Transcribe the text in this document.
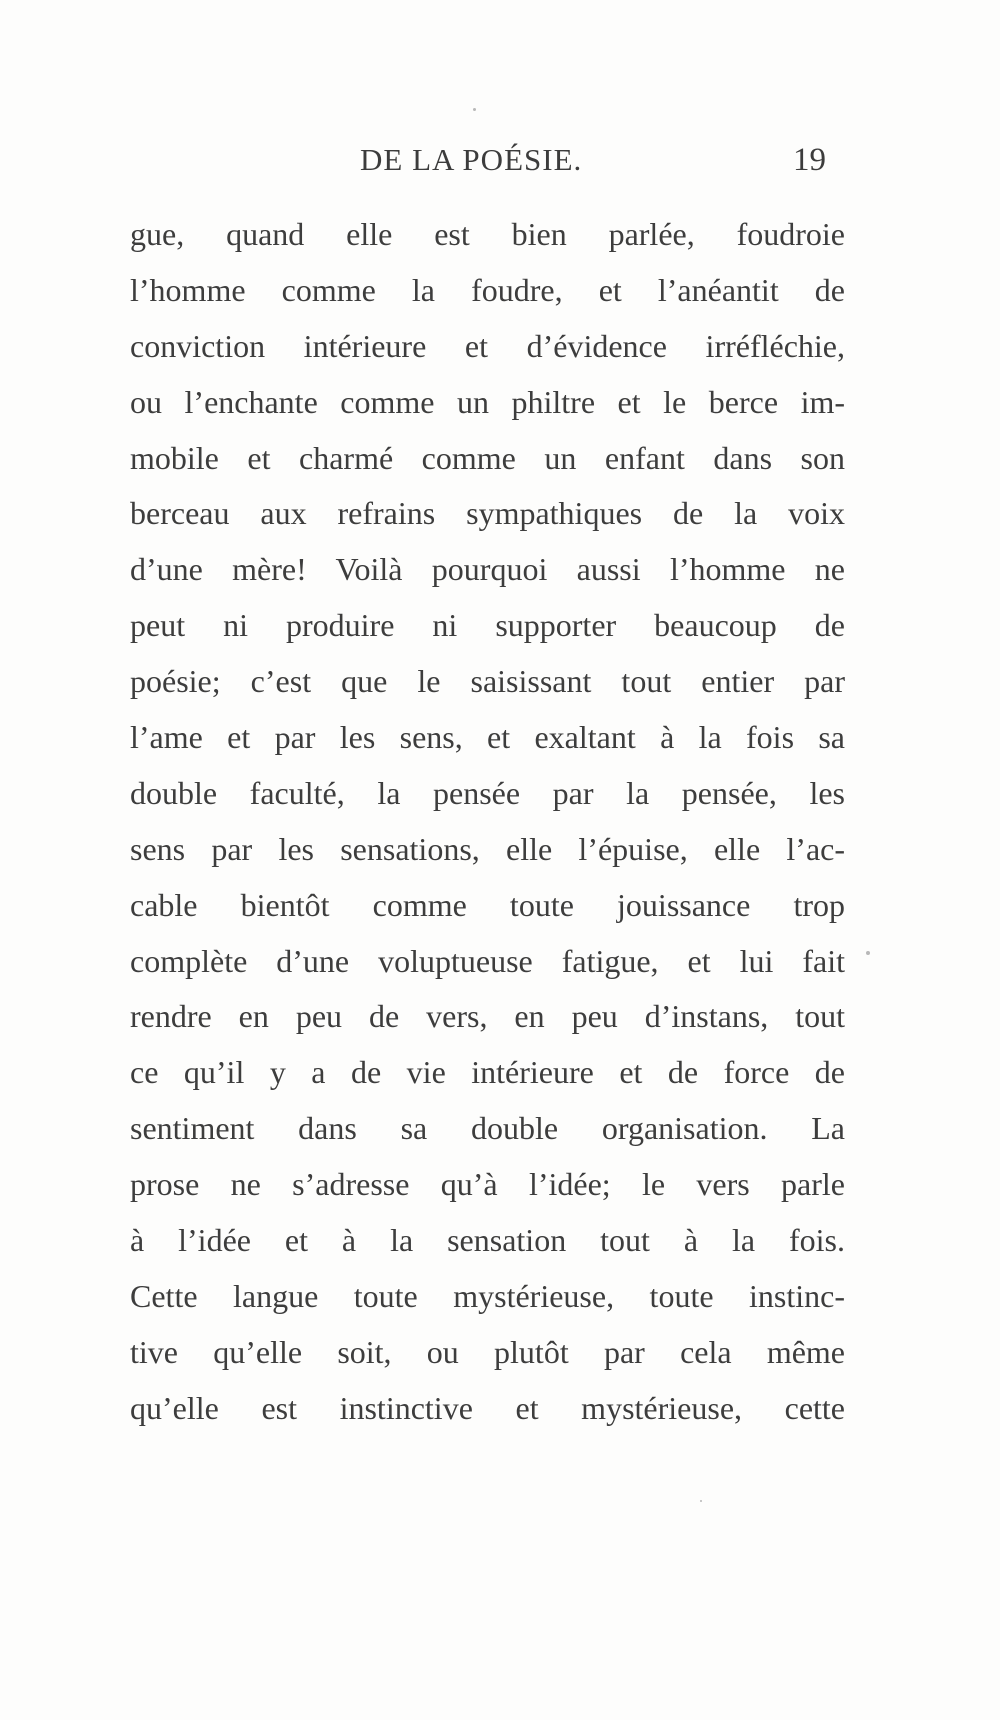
DE LA POÉSIE.	19
gue, quand elle est bien parlée, foudroie
l’homme comme la foudre, et l’anéantit de
conviction intérieure et d’évidence irréfléchie,
ou l’enchante comme un philtre et le berce im-
mobile et charmé comme un enfant dans son
berceau aux refrains sympathiques de la voix
d’une mère! Voilà pourquoi aussi l’homme ne
peut ni produire ni supporter beaucoup de
poésie; c’est que le saisissant tout entier par
l’ame et par les sens, et exaltant à la fois sa
double faculté, la pensée par la pensée, les
sens par les sensations, elle l’épuise, elle l’ac-
cable bientôt comme toute jouissance trop
complète d’une voluptueuse fatigue, et lui fait
rendre en peu de vers, en peu d’instans, tout
ce qu’il y a de vie intérieure et de force de
sentiment dans sa double organisation. La
prose ne s’adresse qu’à l’idée; le vers parle
à l’idée et à la sensation tout à la fois.
Cette langue toute mystérieuse, toute instinc-
tive qu’elle soit, ou plutôt par cela même
qu’elle est instinctive et mystérieuse, cette
